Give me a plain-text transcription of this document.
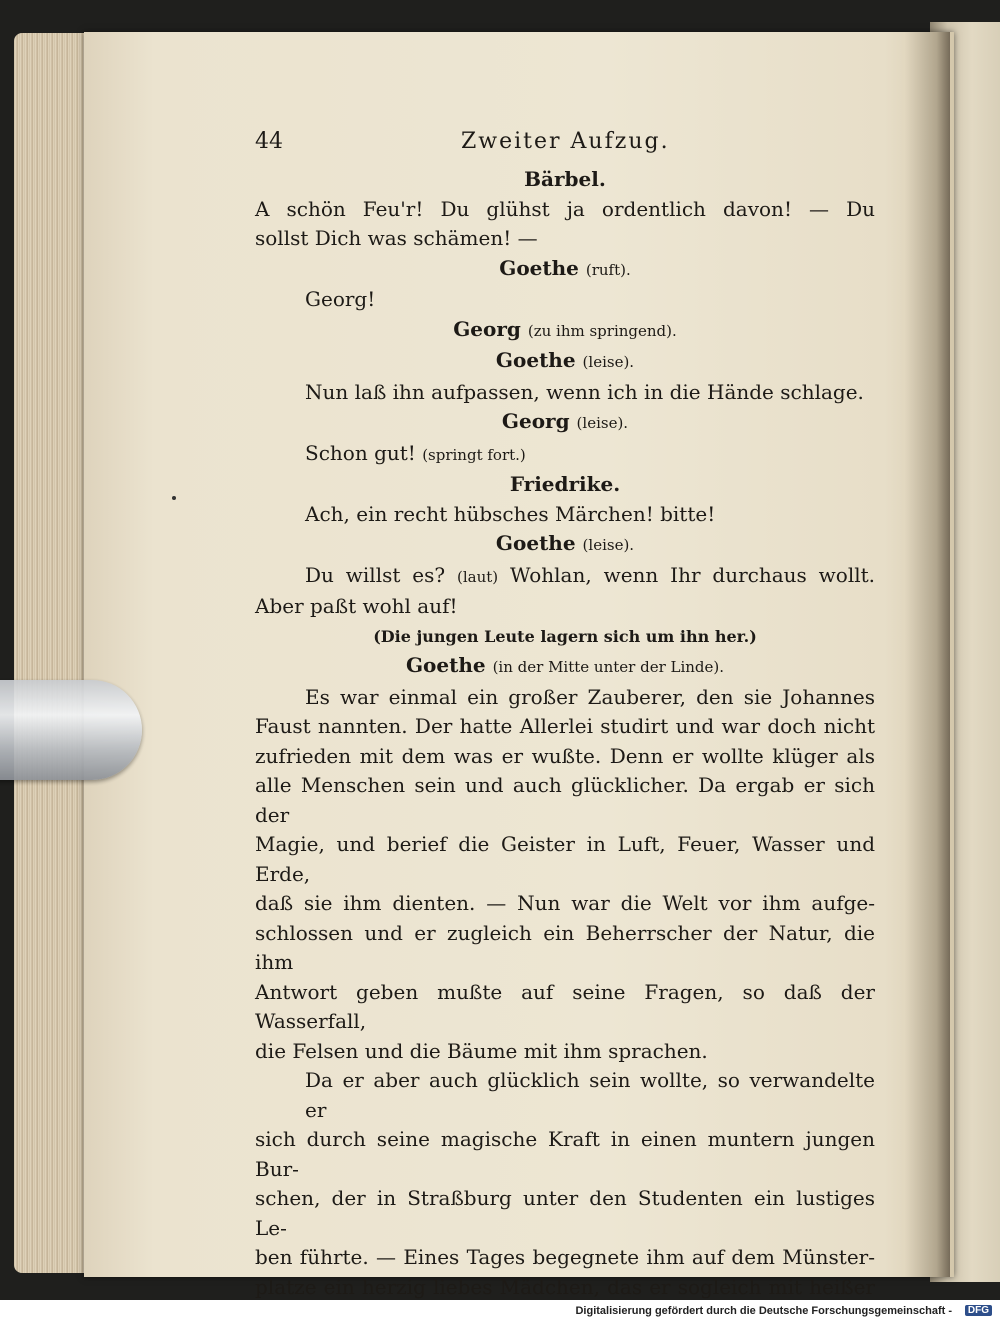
44	Zweiter Aufzug.
Bärbel.
A schön Feu'r! Du glühst ja ordentlich davon! — Du
sollst Dich was schämen! —
Goethe (ruft).
Georg!
Georg (zu ihm springend).
Goethe (leise).
Nun laß ihn aufpassen, wenn ich in die Hände schlage.
Georg (leise).
Schon gut! (springt fort.)
Friedrike.
Ach, ein recht hübsches Märchen! bitte!
Goethe (leise).
Du willst es? (laut) Wohlan, wenn Ihr durchaus wollt.
Aber paßt wohl auf!
(Die jungen Leute lagern sich um ihn her.)
Goethe (in der Mitte unter der Linde).
Es war einmal ein großer Zauberer, den sie Johannes
Faust nannten. Der hatte Allerlei studirt und war doch nicht
zufrieden mit dem was er wußte. Denn er wollte klüger als
alle Menschen sein und auch glücklicher. Da ergab er sich der
Magie, und berief die Geister in Luft, Feuer, Wasser und Erde,
daß sie ihm dienten. — Nun war die Welt vor ihm aufge-
schlossen und er zugleich ein Beherrscher der Natur, die ihm
Antwort geben mußte auf seine Fragen, so daß der Wasserfall,
die Felsen und die Bäume mit ihm sprachen.
Da er aber auch glücklich sein wollte, so verwandelte er
sich durch seine magische Kraft in einen muntern jungen Bur-
schen, der in Straßburg unter den Studenten ein lustiges Le-
ben führte. — Eines Tages begegnete ihm auf dem Münster-
platze ein herzig liebes Mädchen, das er sogleich mit heißer
Digitalisierung gefördert durch die Deutsche Forschungsgemeinschaft -	DFG
